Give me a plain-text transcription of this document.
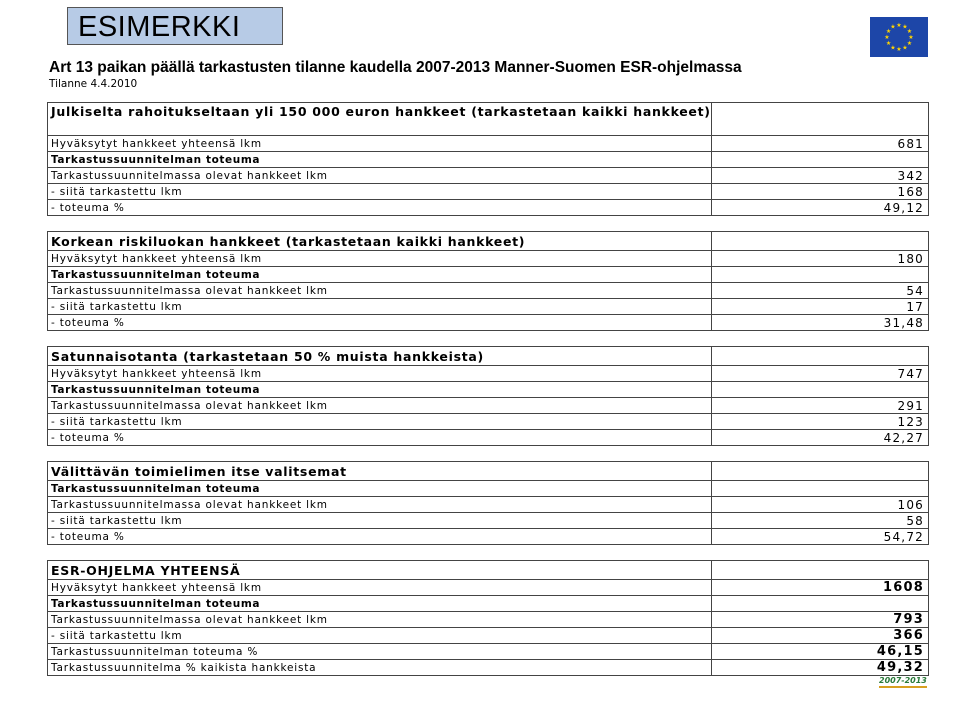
ESIMERKKI	★ ★
★
★
★
★
★
★
★
★
★
★
Art 13 paikan päällä tarkastusten tilanne kaudella 2007-2013 Manner-Suomen ESR-ohjelmassa
Tilanne 4.4.2010
Julkiselta rahoitukseltaan yli 150 000 euron hankkeet (tarkastetaan kaikki hankkeet)
Hyväksytyt hankkeet yhteensä lkm	681
Tarkastussuunnitelman toteuma
Tarkastussuunnitelmassa olevat hankkeet lkm	342
- siitä tarkastettu lkm	168
- toteuma %	49,12
Korkean riskiluokan hankkeet (tarkastetaan kaikki hankkeet)
Hyväksytyt hankkeet yhteensä lkm	180
Tarkastussuunnitelman toteuma
Tarkastussuunnitelmassa olevat hankkeet lkm	54
- siitä tarkastettu lkm	17
- toteuma %	31,48
Satunnaisotanta (tarkastetaan 50 % muista hankkeista)
Hyväksytyt hankkeet yhteensä lkm	747
Tarkastussuunnitelman toteuma
Tarkastussuunnitelmassa olevat hankkeet lkm	291
- siitä tarkastettu lkm	123
- toteuma %	42,27
Välittävän toimielimen itse valitsemat
Tarkastussuunnitelman toteuma
Tarkastussuunnitelmassa olevat hankkeet lkm	106
- siitä tarkastettu lkm	58
- toteuma %	54,72
ESR-OHJELMA YHTEENSÄ
Hyväksytyt hankkeet yhteensä lkm	1608
Tarkastussuunnitelman toteuma
Tarkastussuunnitelmassa olevat hankkeet lkm	793
- siitä tarkastettu lkm	366
Tarkastussuunnitelman toteuma %	46,15
Tarkastussuunnitelma % kaikista hankkeista	49,32
2007-2013
